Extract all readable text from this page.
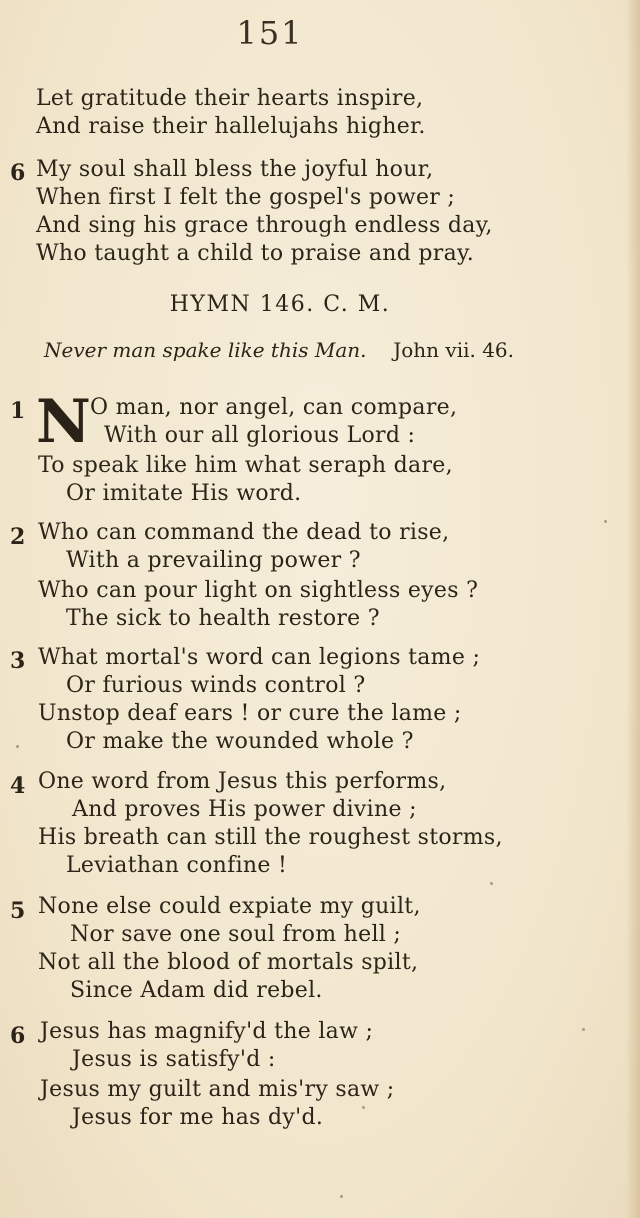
151
Let gratitude their hearts inspire,
And raise their hallelujahs higher.
6 My soul shall bless the joyful hour,
When first I felt the gospel's power ;
And sing his grace through endless day,
Who taught a child to praise and pray.
HYMN 146. C. M.
Never man spake like this Man. John vii. 46.
1 N O man, nor angel, can compare,
With our all glorious Lord :
To speak like him what seraph dare,
Or imitate His word.
2 Who can command the dead to rise,
With a prevailing power ?
Who can pour light on sightless eyes ?
The sick to health restore ?
3 What mortal's word can legions tame ;
Or furious winds control ?
Unstop deaf ears ! or cure the lame ;
Or make the wounded whole ?
4 One word from Jesus this performs,
And proves His power divine ;
His breath can still the roughest storms,
Leviathan confine !
5 None else could expiate my guilt,
Nor save one soul from hell ;
Not all the blood of mortals spilt,
Since Adam did rebel.
6 Jesus has magnify'd the law ;
Jesus is satisfy'd :
Jesus my guilt and mis'ry saw ;
Jesus for me has dy'd.
